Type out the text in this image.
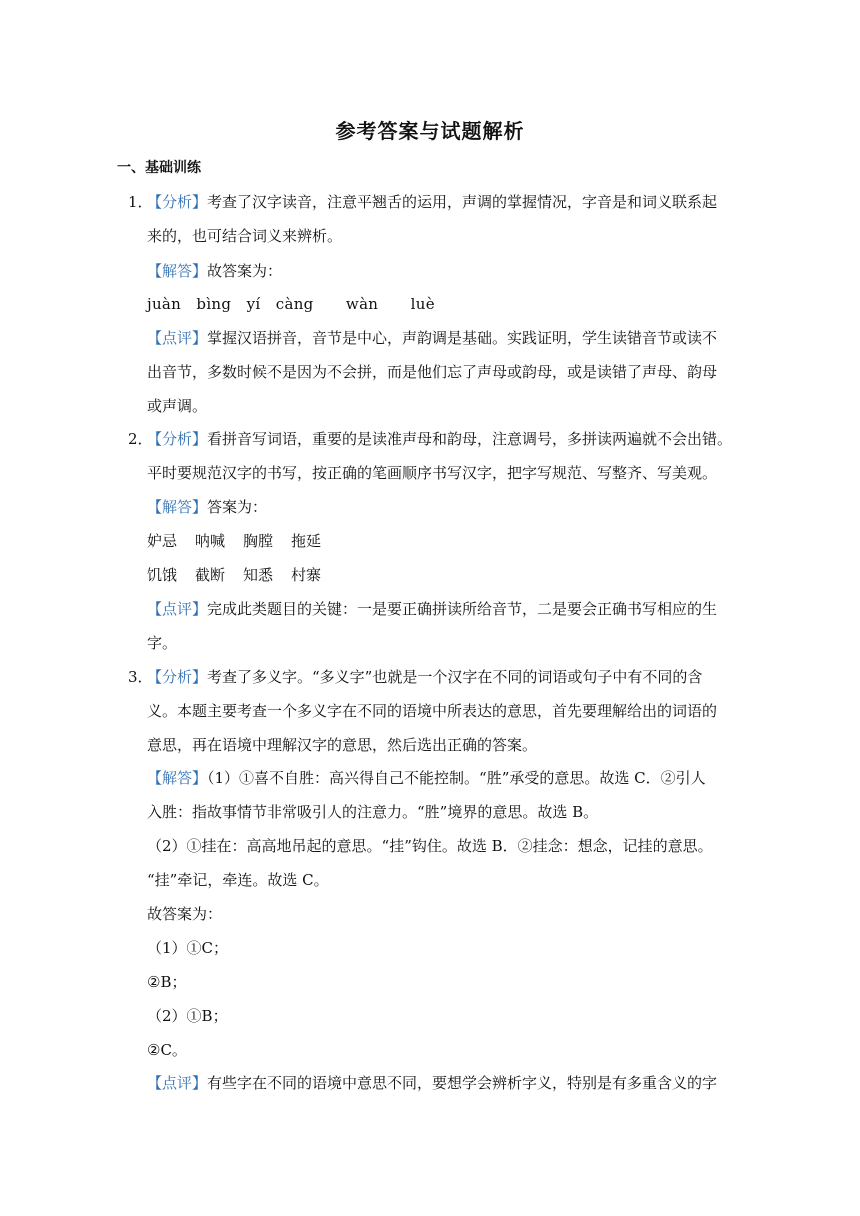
参考答案与试题解析
一、基础训练
1．
【分析】考查了汉字读音，注意平翘舌的运用，声调的掌握情况，字音是和词义联系起
来的，也可结合词义来辨析。
【解答】故答案为：
juàn　bìng　yí　càng　 wàn　 luè
【点评】掌握汉语拼音，音节是中心，声韵调是基础。实践证明，学生读错音节或读不
出音节，多数时候不是因为不会拼，而是他们忘了声母或韵母，或是读错了声母、韵母
或声调。
2．
【分析】看拼音写词语，重要的是读准声母和韵母，注意调号，多拼读两遍就不会出错。
平时要规范汉字的书写，按正确的笔画顺序书写汉字，把字写规范、写整齐、写美观。
【解答】答案为：
妒忌 呐喊 胸膛 拖延
饥饿 截断 知悉 村寨
【点评】完成此类题目的关键：一是要正确拼读所给音节，二是要会正确书写相应的生
字。
3．
【分析】考查了多义字。“多义字”也就是一个汉字在不同的词语或句子中有不同的含
义。本题主要考查一个多义字在不同的语境中所表达的意思，首先要理解给出的词语的
意思，再在语境中理解汉字的意思，然后选出正确的答案。
【解答】（1）①喜不自胜：高兴得自己不能控制。“胜”承受的意思。故选 C．②引人
入胜：指故事情节非常吸引人的注意力。“胜”境界的意思。故选 B。
（2）①挂在：高高地吊起的意思。“挂”钩住。故选 B．②挂念：想念，记挂的意思。
“挂”牵记，牵连。故选 C。
故答案为：
（1）①C；
②B；
（2）①B；
②C。
【点评】有些字在不同的语境中意思不同，要想学会辨析字义，特别是有多重含义的字
